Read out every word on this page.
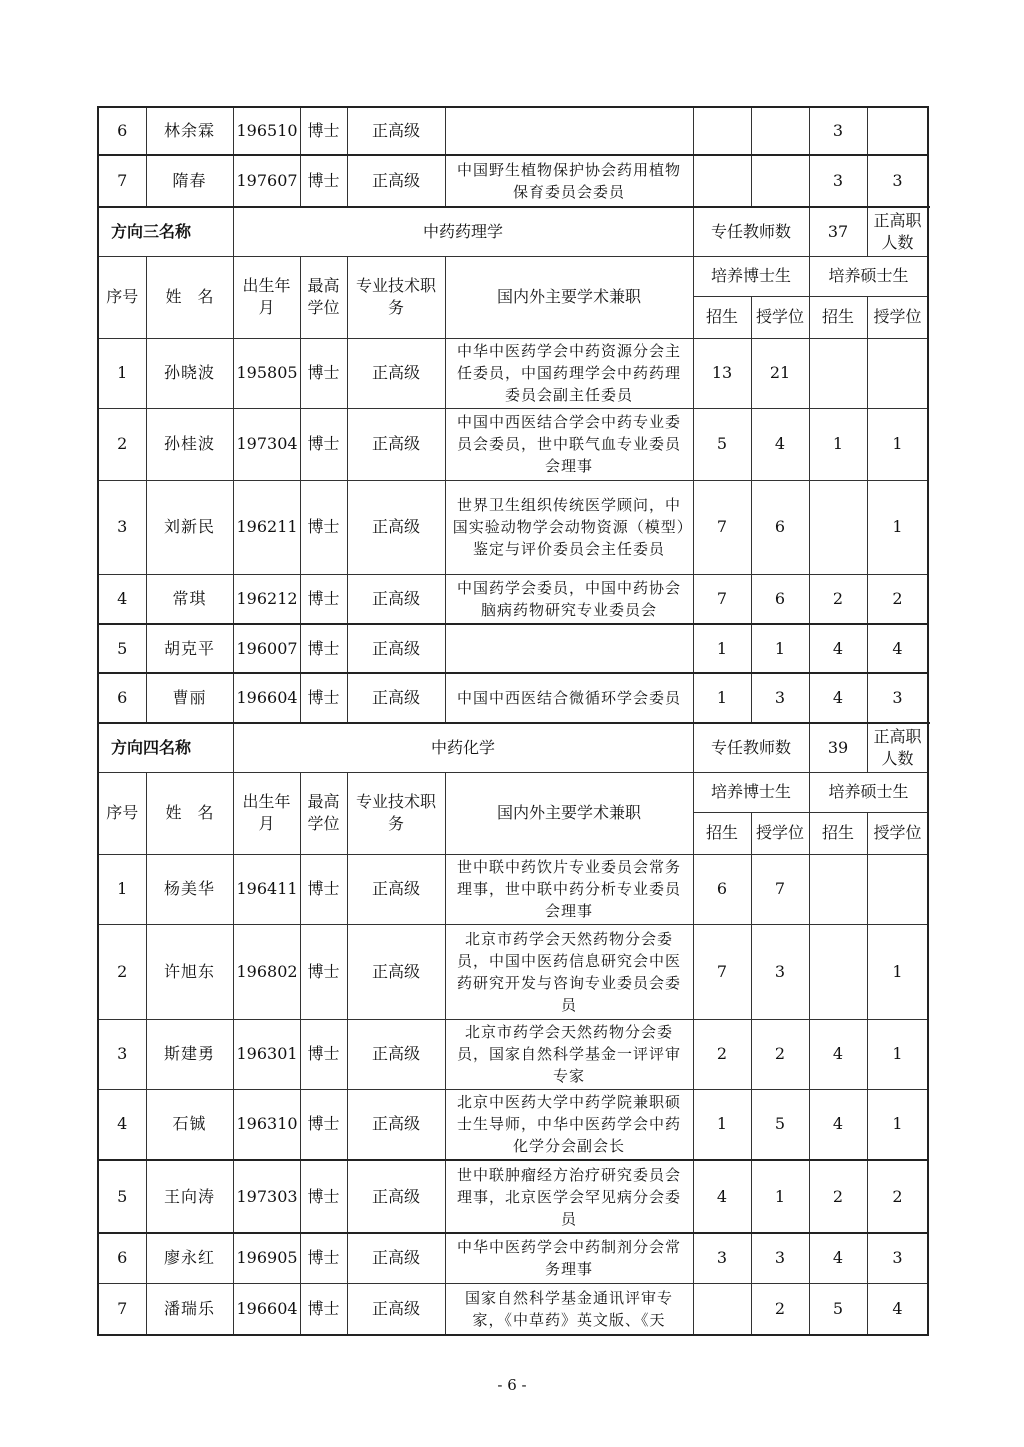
6	林余霖	196510	博士	正高级				3		
7	隋春	197607	博士	正高级	中国野生植物保护协会药用植物保育委员会委员			3	3	
方向三名称		中药药理学				专任教师数		37	正高职人数	
序号	姓　名	出生年月	最高学位	专业技术职　务	国内外主要学术兼职	培养博士生		培养硕士生		
						招生	授学位	招生	授学位	
1	孙晓波	195805	博士	正高级	中华中医药学会中药资源分会主任委员，中国药理学会中药药理委员会副主任委员	13	21			
2	孙桂波	197304	博士	正高级	中国中西医结合学会中药专业委员会委员，世中联气血专业委员会理事	5	4	1	1	
3	刘新民	196211	博士	正高级	世界卫生组织传统医学顾问，中国实验动物学会动物资源（模型）鉴定与评价委员会主任委员	7	6		1	
4	常琪	196212	博士	正高级	中国药学会委员，中国中药协会脑病药物研究专业委员会	7	6	2	2	
5	胡克平	196007	博士	正高级		1	1	4	4	
6	曹丽	196604	博士	正高级	中国中西医结合微循环学会委员	1	3	4	3	
方向四名称		中药化学				专任教师数		39	正高职人数	
序号	姓　名	出生年月	最高学位	专业技术职　务	国内外主要学术兼职	培养博士生		培养硕士生		
						招生	授学位	招生	授学位	
1	杨美华	196411	博士	正高级	世中联中药饮片专业委员会常务理事，世中联中药分析专业委员会理事	6	7			
2	许旭东	196802	博士	正高级	北京市药学会天然药物分会委员，中国中医药信息研究会中医药研究开发与咨询专业委员会委员	7	3		1	
3	斯建勇	196301	博士	正高级	北京市药学会天然药物分会委员，国家自然科学基金一评评审专家	2	2	4	1	
4	石铖	196310	博士	正高级	北京中医药大学中药学院兼职硕士生导师，中华中医药学会中药化学分会副会长	1	5	4	1	
5	王向涛	197303	博士	正高级	世中联肿瘤经方治疗研究委员会理事，北京医学会罕见病分会委员	4	1	2	2	
6	廖永红	196905	博士	正高级	中华中医药学会中药制剂分会常务理事	3	3	4	3	
7	潘瑞乐	196604	博士	正高级	国家自然科学基金通讯评审专家，《中草药》英文版、《天		2	5	4	
- 6 -
